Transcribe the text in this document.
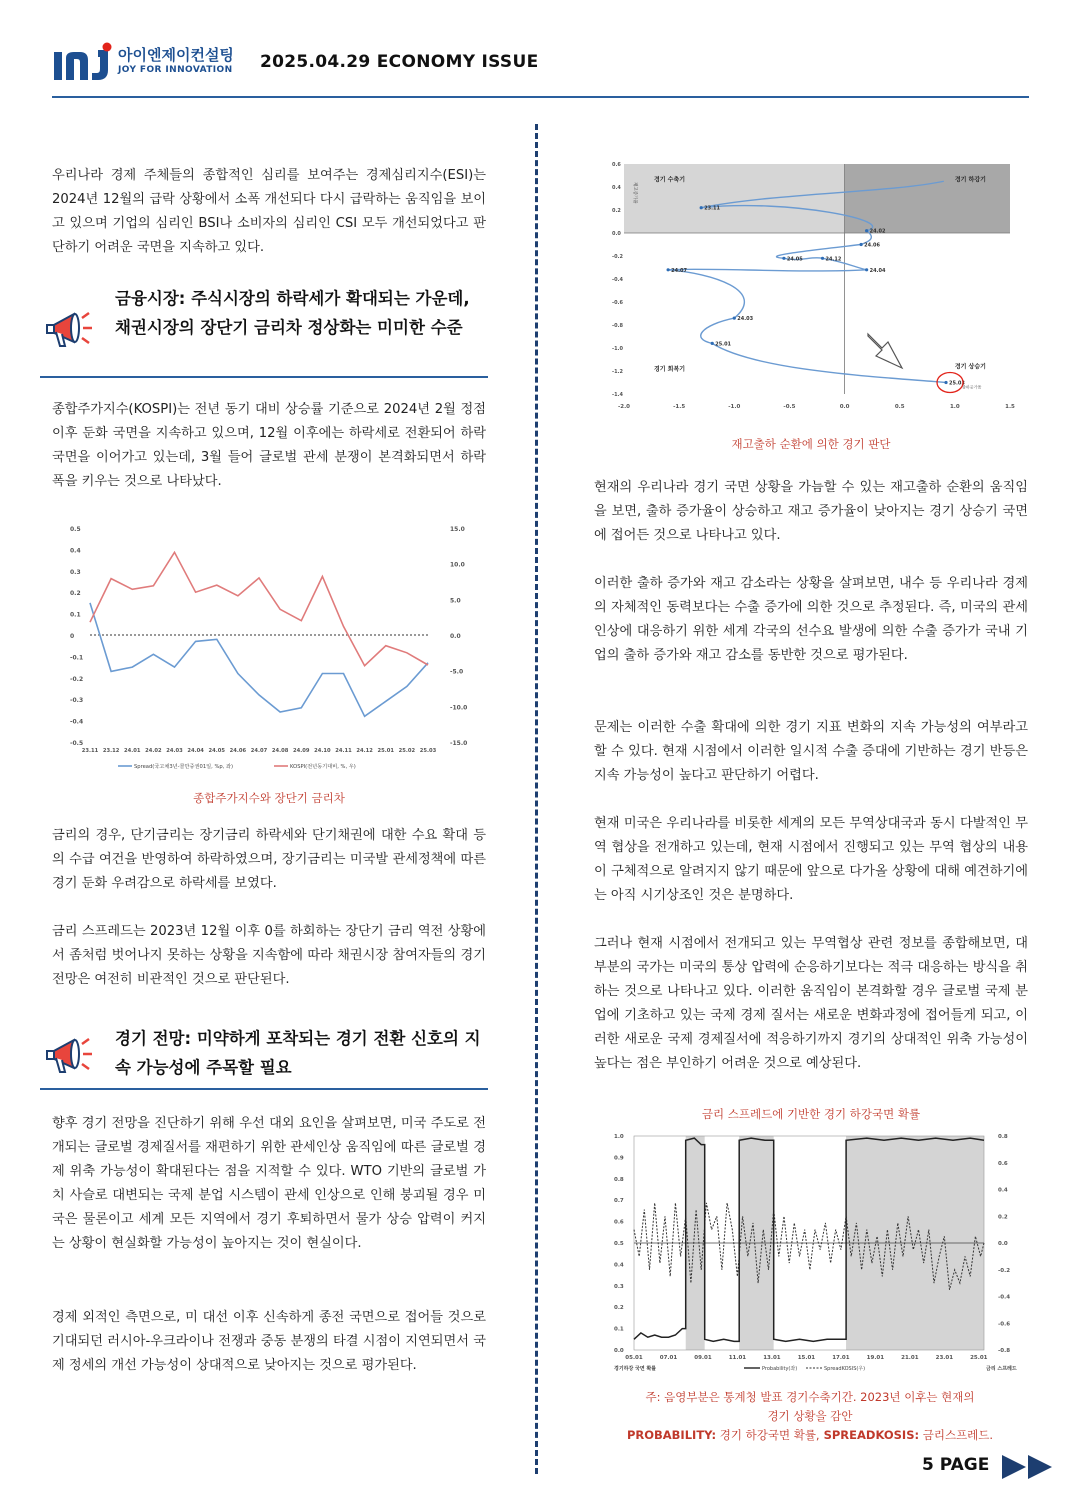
아이엔제이컨설팅
JOY FOR INNOVATION 2025.04.29 ECONOMY ISSUE

우리나라 경제 주체들의 종합적인 심리를 보여주는 경제심리지수(ESI)는 2024년 12월의 급락 상황에서 소폭 개선되다 다시 급락하는 움직임을 보이고 있으며 기업의 심리인 BSI나 소비자의 심리인 CSI 모두 개선되었다고 판단하기 어려운 국면을 지속하고 있다.

금융시장: 주식시장의 하락세가 확대되는 가운데, 채권시장의 장단기 금리차 정상화는 미미한 수준

종합주가지수(KOSPI)는 전년 동기 대비 상승률 기준으로 2024년 2월 정점 이후 둔화 국면을 지속하고 있으며, 12월 이후에는 하락세로 전환되어 하락 국면을 이어가고 있는데, 3월 들어 글로벌 관세 분쟁이 본격화되면서 하락 폭을 키우는 것으로 나타났다.

0.5
0.4
0.3
0.2
0.1
0
-0.1
-0.2
-0.3
-0.4
-0.5
15.0
10.0
5.0
0.0
-5.0
-10.0
-15.0
23.11 23.12 24.01 24.02 24.03 24.04 24.05 24.06 24.07 24.08 24.09 24.10 24.11 24.12 25.01 25.02 25.03
Spread(국고채3년-콜만중권01일, %p, 좌)	KOSPI(전년동기대비, %, 우)
종합주가지수와 장단기 금리차

금리의 경우, 단기금리는 장기금리 하락세와 단기채권에 대한 수요 확대 등의 수급 여건을 반영하여 하락하였으며, 장기금리는 미국발 관세정책에 따른 경기 둔화 우려감으로 하락세를 보였다.

금리 스프레드는 2023년 12월 이후 0를 하회하는 장단기 금리 역전 상황에서 좀처럼 벗어나지 못하는 상황을 지속함에 따라 채권시장 참여자들의 경기 전망은 여전히 비관적인 것으로 판단된다.

경기 전망: 미약하게 포착되는 경기 전환 신호의 지속 가능성에 주목할 필요

향후 경기 전망을 진단하기 위해 우선 대외 요인을 살펴보면, 미국 주도로 전개되는 글로벌 경제질서를 재편하기 위한 관세인상 움직임에 따른 글로벌 경제 위축 가능성이 확대된다는 점을 지적할 수 있다. WTO 기반의 글로벌 가치 사슬로 대변되는 국제 분업 시스템이 관세 인상으로 인해 붕괴될 경우 미국은 물론이고 세계 모든 지역에서 경기 후퇴하면서 물가 상승 압력이 커지는 상황이 현실화할 가능성이 높아지는 것이 현실이다.

경제 외적인 측면으로, 미 대선 이후 신속하게 종전 국면으로 접어들 것으로 기대되던 러시아-우크라이나 전쟁과 중동 분쟁의 타결 시점이 지연되면서 국제 정세의 개선 가능성이 상대적으로 낮아지는 것으로 평가된다.

0.6
0.4
0.2
0.0
-0.2
-0.4
-0.6
-0.8
-1.0
-1.2
-1.4
-2.0	-1.5	-1.0	-0.5	0.0	0.5	1.0	1.5
재고증가율
경기 수축기	경기 하강기
경기 회복기	경기 상승기
23.11
24.02
24.06
24.05	24.12
24.04
24.07
24.03
25.01
25.03
출하증가율
재고출하 순환에 의한 경기 판단

현재의 우리나라 경기 국면 상황을 가늠할 수 있는 재고출하 순환의 움직임을 보면, 출하 증가율이 상승하고 재고 증가율이 낮아지는 경기 상승기 국면에 접어든 것으로 나타나고 있다.

이러한 출하 증가와 재고 감소라는 상황을 살펴보면, 내수 등 우리나라 경제의 자체적인 동력보다는 수출 증가에 의한 것으로 추정된다. 즉, 미국의 관세 인상에 대응하기 위한 세계 각국의 선수요 발생에 의한 수출 증가가 국내 기업의 출하 증가와 재고 감소를 동반한 것으로 평가된다.

문제는 이러한 수출 확대에 의한 경기 지표 변화의 지속 가능성의 여부라고 할 수 있다. 현재 시점에서 이러한 일시적 수출 증대에 기반하는 경기 반등은 지속 가능성이 높다고 판단하기 어렵다.

현재 미국은 우리나라를 비롯한 세계의 모든 무역상대국과 동시 다발적인 무역 협상을 전개하고 있는데, 현재 시점에서 진행되고 있는 무역 협상의 내용이 구체적으로 알려지지 않기 때문에 앞으로 다가올 상황에 대해 예견하기에는 아직 시기상조인 것은 분명하다.

그러나 현재 시점에서 전개되고 있는 무역협상 관련 정보를 종합해보면, 대부분의 국가는 미국의 통상 압력에 순응하기보다는 적극 대응하는 방식을 취하는 것으로 나타나고 있다. 이러한 움직임이 본격화할 경우 글로벌 국제 분업에 기초하고 있는 국제 경제 질서는 새로운 변화과정에 접어들게 되고, 이러한 새로운 국제 경제질서에 적응하기까지 경기의 상대적인 위축 가능성이 높다는 점은 부인하기 어려운 것으로 예상된다.

금리 스프레드에 기반한 경기 하강국면 확률
1.0
0.9
0.8
0.7
0.6
0.5
0.4
0.3
0.2
0.1
0.0
0.8
0.6
0.4
0.2
0.0
-0.2
-0.4
-0.6
-0.8
05.01	07.01	09.01	11.01	13.01	15.01	17.01	19.01	21.01	23.01	25.01
경기하강 국면 확률	금리 스프레드
Probability(좌)	SpreadKOSIS(우)
주: 음영부분은 통계청 발표 경기수축기간. 2023년 이후는 현재의
경기 상황을 감안
PROBABILITY: 경기 하강국면 확률, SPREADKOSIS: 금리스프레드.
5 PAGE
